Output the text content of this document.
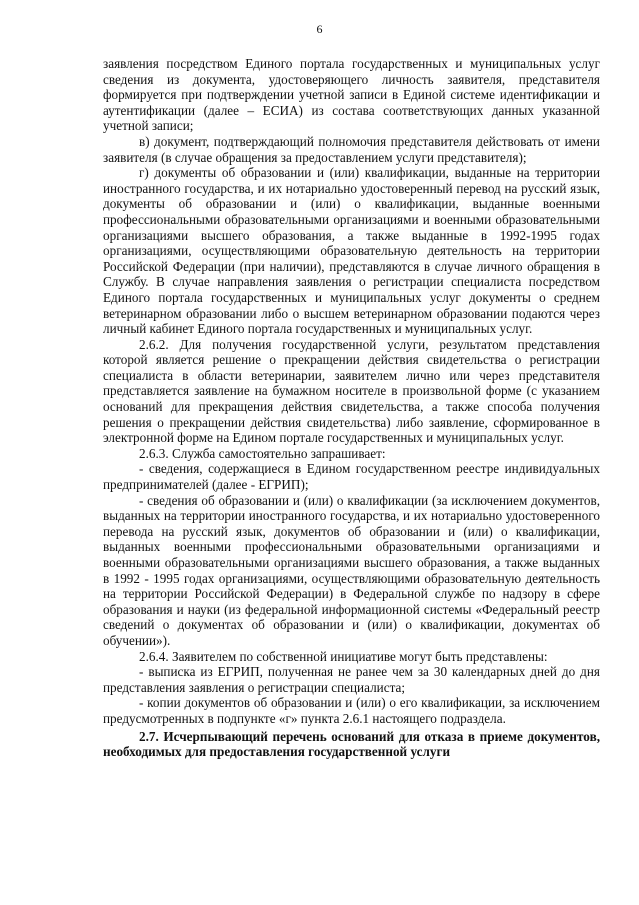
6

заявления посредством Единого портала государственных и муниципальных услуг сведения из документа, удостоверяющего личность заявителя, представителя формируется при подтверждении учетной записи в Единой системе идентификации и аутентификации (далее – ЕСИА) из состава соответствующих данных указанной учетной записи;

в) документ, подтверждающий полномочия представителя действовать от имени заявителя (в случае обращения за предоставлением услуги представителя);

г) документы об образовании и (или) квалификации, выданные на территории иностранного государства, и их нотариально удостоверенный перевод на русский язык, документы об образовании и (или) о квалификации, выданные военными профессиональными образовательными организациями и военными образовательными организациями высшего образования, а также выданные в 1992-1995 годах организациями, осуществляющими образовательную деятельность на территории Российской Федерации (при наличии), представляются в случае личного обращения в Службу. В случае направления заявления о регистрации специалиста посредством Единого портала государственных и муниципальных услуг документы о среднем ветеринарном образовании либо о высшем ветеринарном образовании подаются через личный кабинет Единого портала государственных и муниципальных услуг.

2.6.2. Для получения государственной услуги, результатом представления которой является решение о прекращении действия свидетельства о регистрации специалиста в области ветеринарии, заявителем лично или через представителя представляется заявление на бумажном носителе в произвольной форме (с указанием оснований для прекращения действия свидетельства, а также способа получения решения о прекращении действия свидетельства) либо заявление, сформированное в электронной форме на Едином портале государственных и муниципальных услуг.

2.6.3. Служба самостоятельно запрашивает:

- сведения, содержащиеся в Едином государственном реестре индивидуальных предпринимателей (далее - ЕГРИП);

- сведения об образовании и (или) о квалификации (за исключением документов, выданных на территории иностранного государства, и их нотариально удостоверенного перевода на русский язык, документов об образовании и (или) о квалификации, выданных военными профессиональными образовательными организациями и военными образовательными организациями высшего образования, а также выданных в 1992 - 1995 годах организациями, осуществляющими образовательную деятельность на территории Российской Федерации) в Федеральной службе по надзору в сфере образования и науки (из федеральной информационной системы «Федеральный реестр сведений о документах об образовании и (или) о квалификации, документах об обучении»).

2.6.4. Заявителем по собственной инициативе могут быть представлены:

- выписка из ЕГРИП, полученная не ранее чем за 30 календарных дней до дня представления заявления о регистрации специалиста;

- копии документов об образовании и (или) о его квалификации, за исключением предусмотренных в подпункте «г» пункта 2.6.1 настоящего подраздела.

2.7. Исчерпывающий перечень оснований для отказа в приеме документов, необходимых для предоставления государственной услуги
